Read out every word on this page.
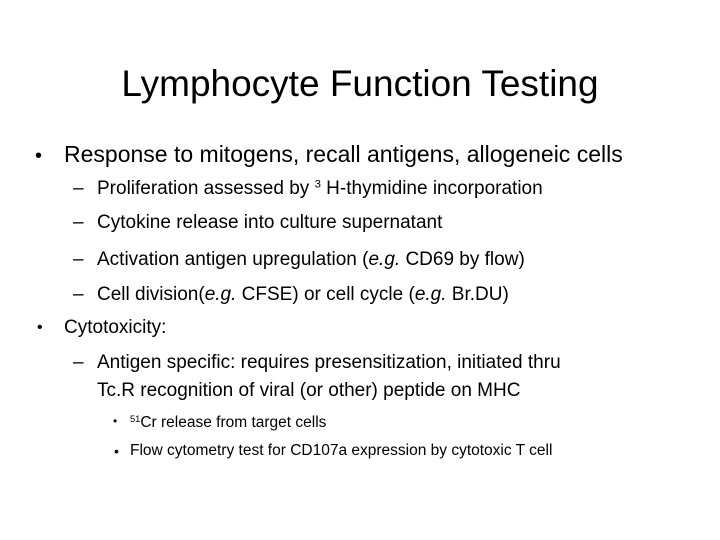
Lymphocyte Function Testing
• Response to mitogens, recall antigens, allogeneic cells
– Proliferation assessed by $^3$ H-thymidine incorporation
– Cytokine release into culture supernatant
– Activation antigen upregulation (e.g. CD69 by flow)
– Cell division(e.g. CFSE) or cell cycle (e.g. Br.DU)
• Cytotoxicity:
– Antigen specific: requires presensitization, initiated thru
Tc.R recognition of viral (or other) peptide on MHC
• $^{51}$Cr release from target cells
• Flow cytometry test for CD107a expression by cytotoxic T cell
